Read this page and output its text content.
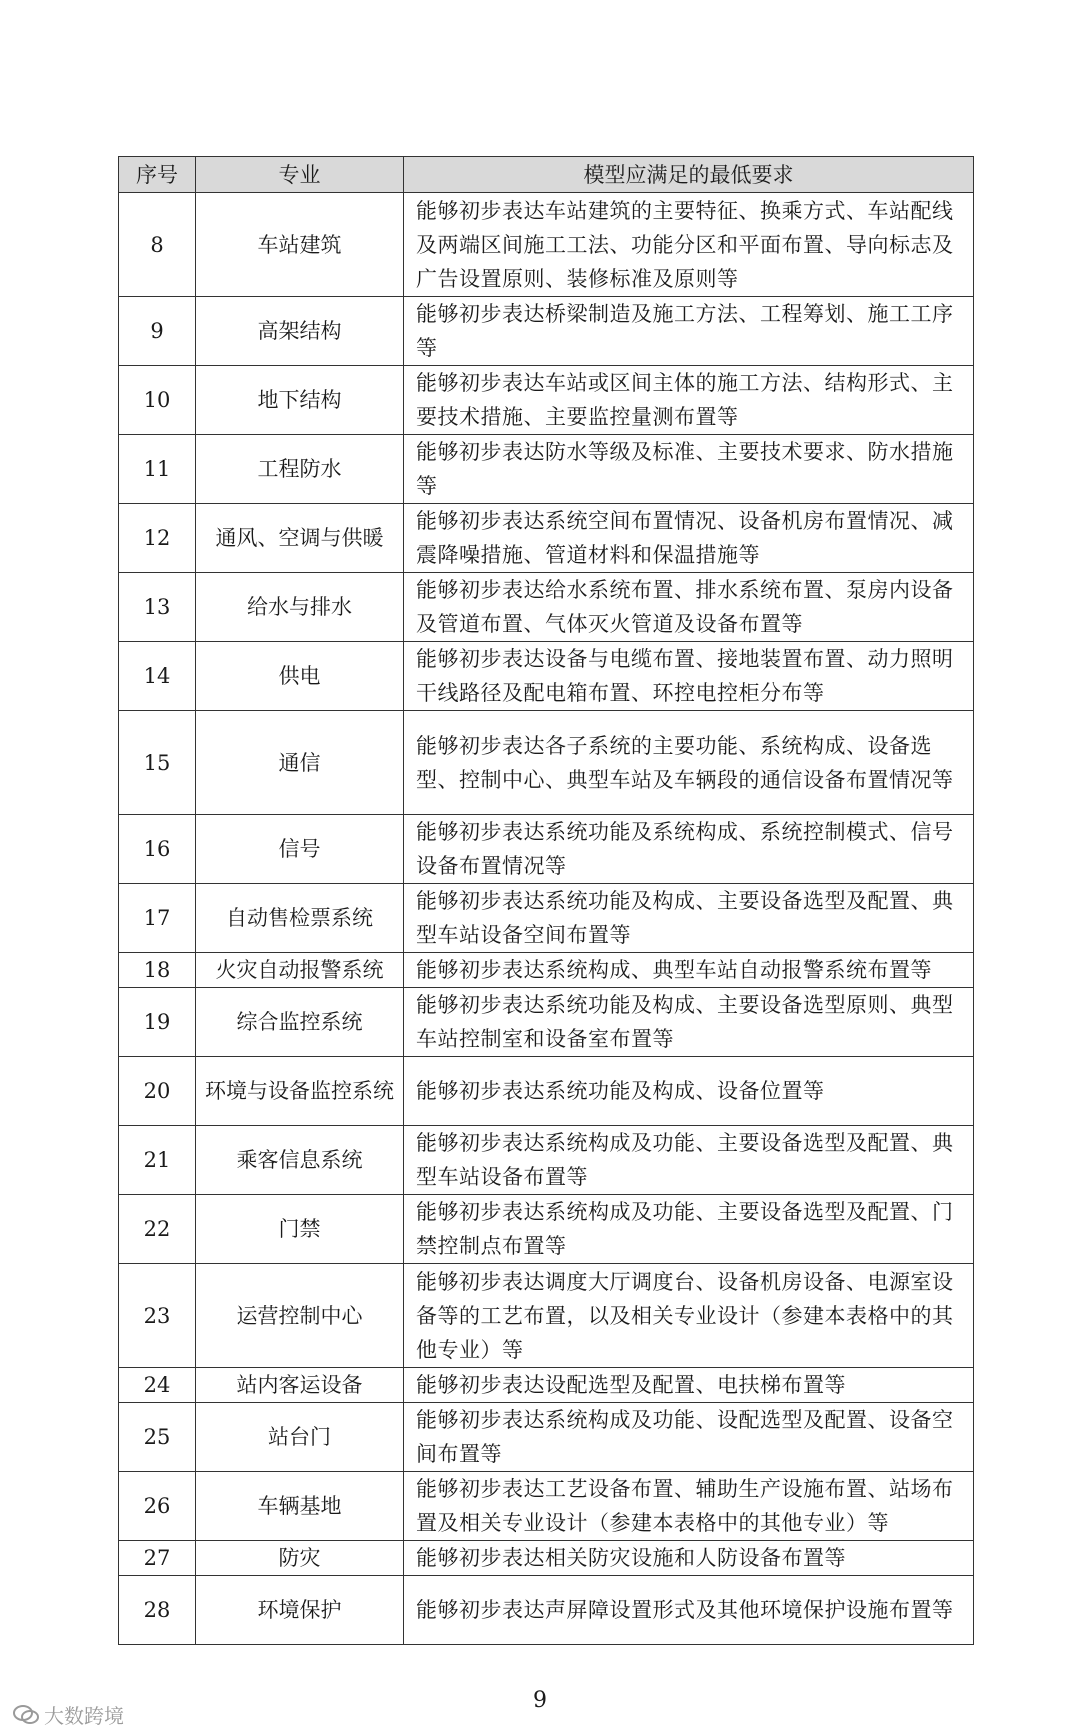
序号	专业	模型应满足的最低要求
8	车站建筑	能够初步表达车站建筑的主要特征、换乘方式、车站配线及两端区间施工工法、功能分区和平面布置、导向标志及广告设置原则、装修标准及原则等
9	高架结构	能够初步表达桥梁制造及施工方法、工程筹划、施工工序等
10	地下结构	能够初步表达车站或区间主体的施工方法、结构形式、主要技术措施、主要监控量测布置等
11	工程防水	能够初步表达防水等级及标准、主要技术要求、防水措施等
12	通风、空调与供暖	能够初步表达系统空间布置情况、设备机房布置情况、减震降噪措施、管道材料和保温措施等
13	给水与排水	能够初步表达给水系统布置、排水系统布置、泵房内设备及管道布置、气体灭火管道及设备布置等
14	供电	能够初步表达设备与电缆布置、接地装置布置、动力照明干线路径及配电箱布置、环控电控柜分布等
15	通信	能够初步表达各子系统的主要功能、系统构成、设备选型、控制中心、典型车站及车辆段的通信设备布置情况等
16	信号	能够初步表达系统功能及系统构成、系统控制模式、信号设备布置情况等
17	自动售检票系统	能够初步表达系统功能及构成、主要设备选型及配置、典型车站设备空间布置等
18	火灾自动报警系统	能够初步表达系统构成、典型车站自动报警系统布置等
19	综合监控系统	能够初步表达系统功能及构成、主要设备选型原则、典型车站控制室和设备室布置等
20	环境与设备监控系统	能够初步表达系统功能及构成、设备位置等
21	乘客信息系统	能够初步表达系统构成及功能、主要设备选型及配置、典型车站设备布置等
22	门禁	能够初步表达系统构成及功能、主要设备选型及配置、门禁控制点布置等
23	运营控制中心	能够初步表达调度大厅调度台、设备机房设备、电源室设备等的工艺布置，以及相关专业设计（参建本表格中的其他专业）等
24	站内客运设备	能够初步表达设配选型及配置、电扶梯布置等
25	站台门	能够初步表达系统构成及功能、设配选型及配置、设备空间布置等
26	车辆基地	能够初步表达工艺设备布置、辅助生产设施布置、站场布置及相关专业设计（参建本表格中的其他专业）等
27	防灾	能够初步表达相关防灾设施和人防设备布置等
28	环境保护	能够初步表达声屏障设置形式及其他环境保护设施布置等
9
大数跨境
